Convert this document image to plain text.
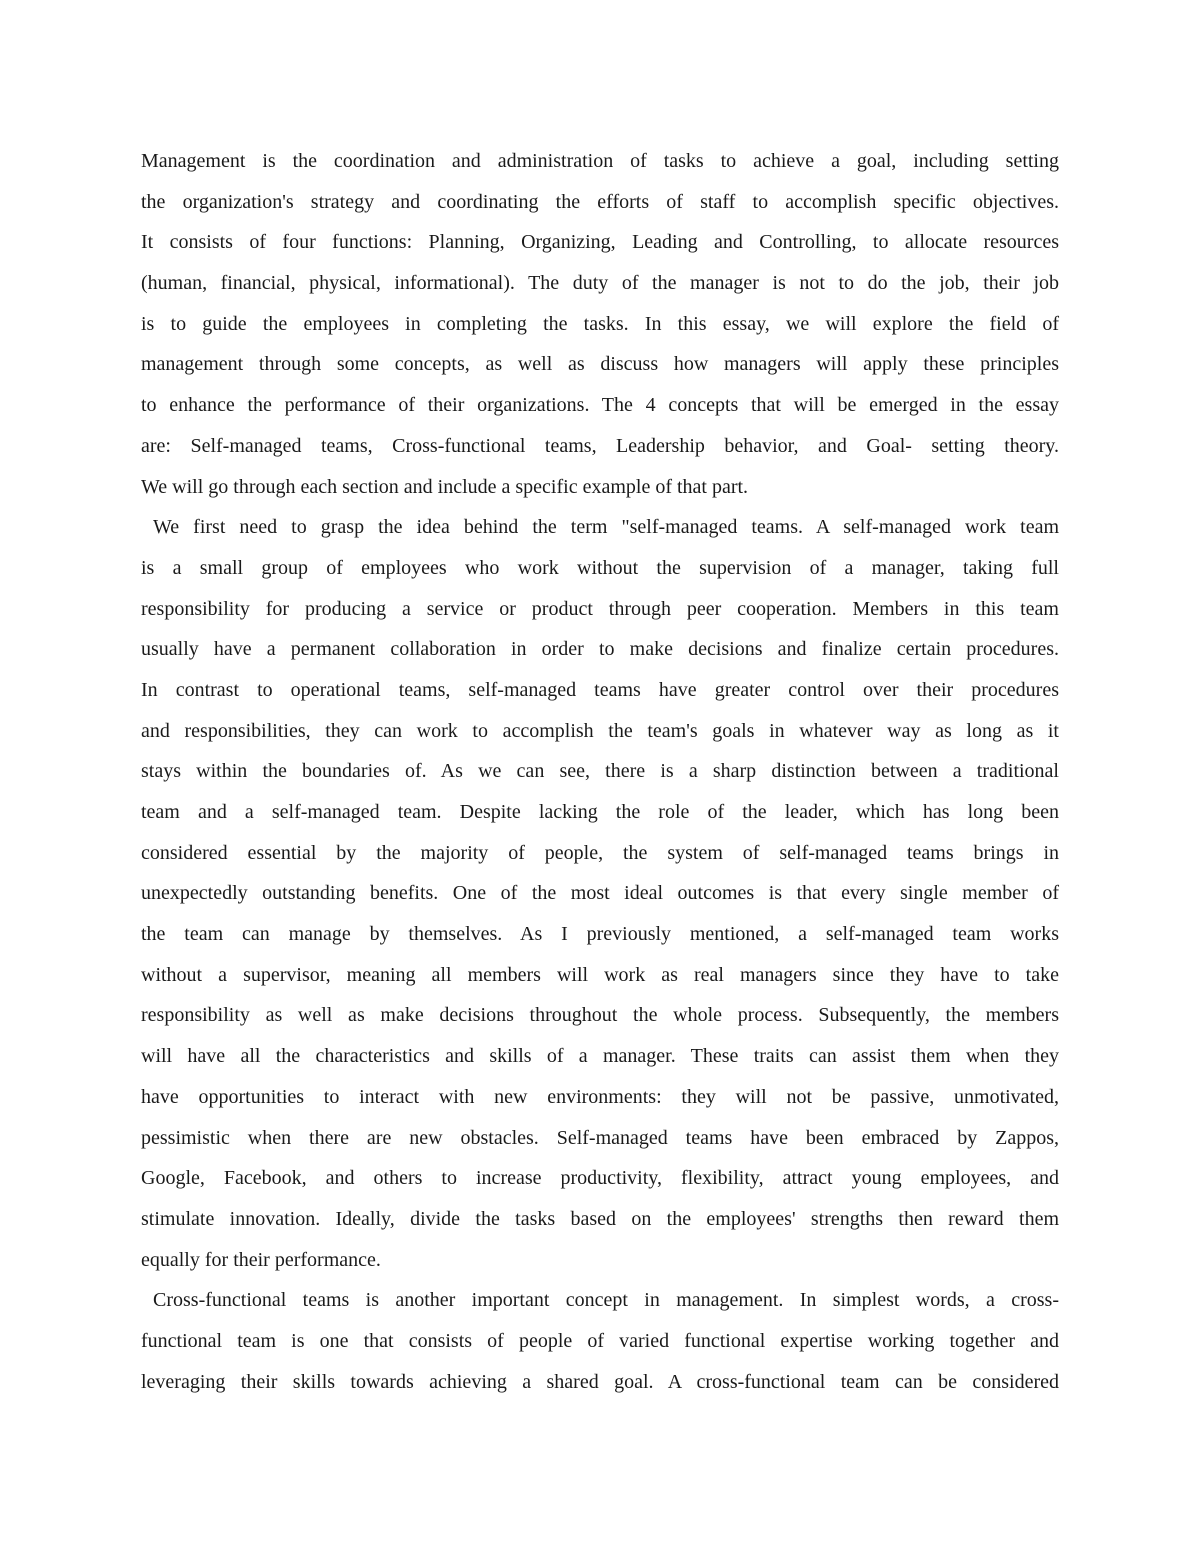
Management is the coordination and administration of tasks to achieve a goal, including setting
the organization's strategy and coordinating the efforts of staff to accomplish specific objectives.
It consists of four functions: Planning, Organizing, Leading and Controlling, to allocate resources
(human, financial, physical, informational). The duty of the manager is not to do the job, their job
is to guide the employees in completing the tasks. In this essay, we will explore the field of
management through some concepts, as well as discuss how managers will apply these principles
to enhance the performance of their organizations. The 4 concepts that will be emerged in the essay
are: Self-managed teams, Cross-functional teams, Leadership behavior, and Goal- setting theory.
We will go through each section and include a specific example of that part.
We first need to grasp the idea behind the term "self-managed teams. A self-managed work team
is a small group of employees who work without the supervision of a manager, taking full
responsibility for producing a service or product through peer cooperation. Members in this team
usually have a permanent collaboration in order to make decisions and finalize certain procedures.
In contrast to operational teams, self-managed teams have greater control over their procedures
and responsibilities, they can work to accomplish the team's goals in whatever way as long as it
stays within the boundaries of. As we can see, there is a sharp distinction between a traditional
team and a self-managed team. Despite lacking the role of the leader, which has long been
considered essential by the majority of people, the system of self-managed teams brings in
unexpectedly outstanding benefits. One of the most ideal outcomes is that every single member of
the team can manage by themselves. As I previously mentioned, a self-managed team works
without a supervisor, meaning all members will work as real managers since they have to take
responsibility as well as make decisions throughout the whole process. Subsequently, the members
will have all the characteristics and skills of a manager. These traits can assist them when they
have opportunities to interact with new environments: they will not be passive, unmotivated,
pessimistic when there are new obstacles. Self-managed teams have been embraced by Zappos,
Google, Facebook, and others to increase productivity, flexibility, attract young employees, and
stimulate innovation. Ideally, divide the tasks based on the employees' strengths then reward them
equally for their performance.
Cross-functional teams is another important concept in management. In simplest words, a cross-
functional team is one that consists of people of varied functional expertise working together and
leveraging their skills towards achieving a shared goal. A cross-functional team can be considered
